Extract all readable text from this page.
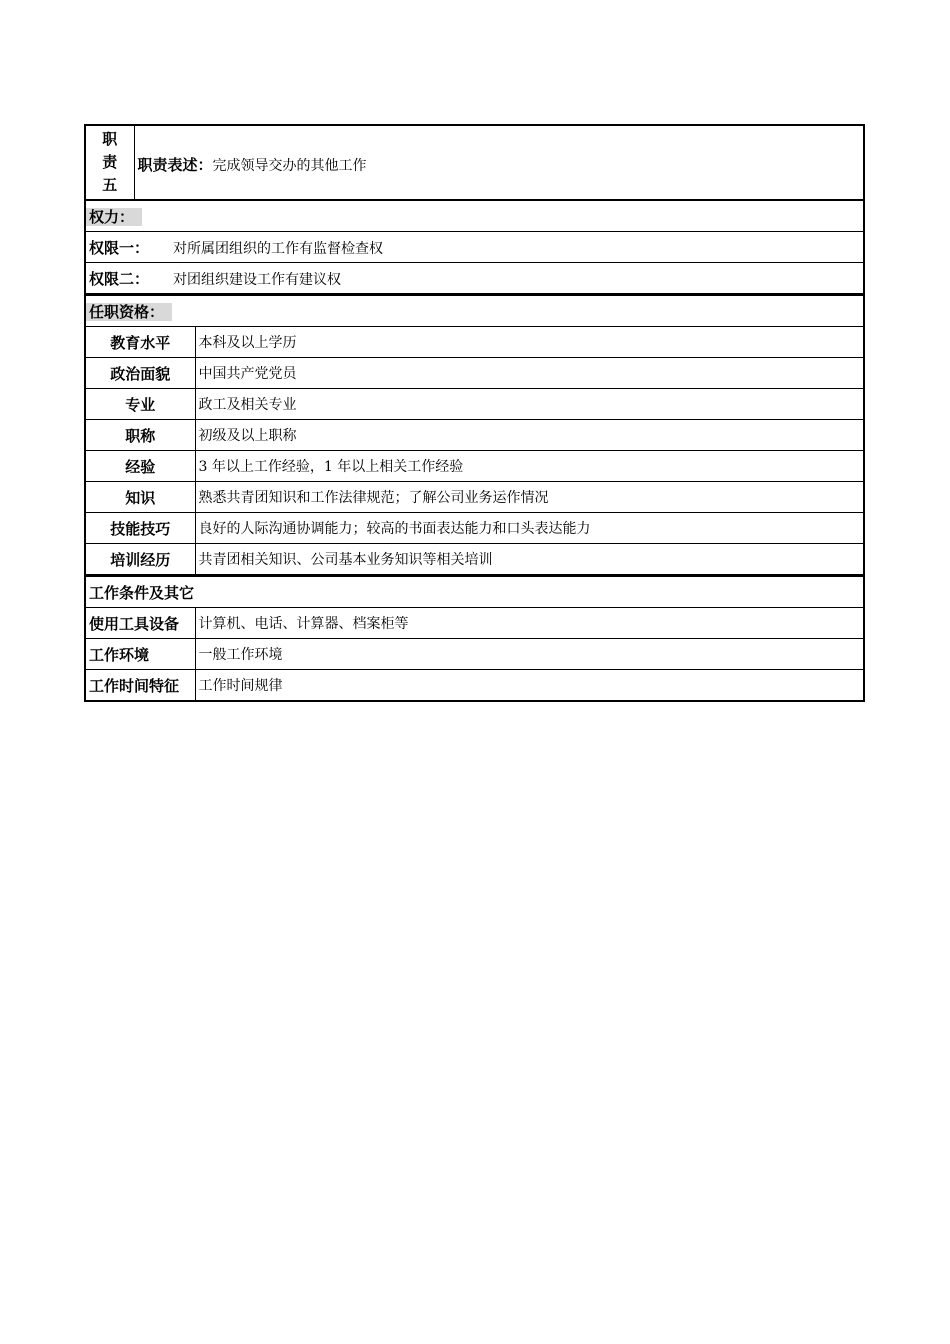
职
责
五
	职责表述：完成领导交办的其他工作
权力：
权限一： 对所属团组织的工作有监督检查权
权限二： 对团组织建设工作有建议权
任职资格：	
教育水平	本科及以上学历
政治面貌	中国共产党党员
专业	政工及相关专业
职称	初级及以上职称
经验	3 年以上工作经验，1 年以上相关工作经验
知识	熟悉共青团知识和工作法律规范；了解公司业务运作情况
技能技巧	良好的人际沟通协调能力；较高的书面表达能力和口头表达能力
培训经历	共青团相关知识、公司基本业务知识等相关培训
工作条件及其它	
使用工具设备	计算机、电话、计算器、档案柜等
工作环境	一般工作环境
工作时间特征	工作时间规律
